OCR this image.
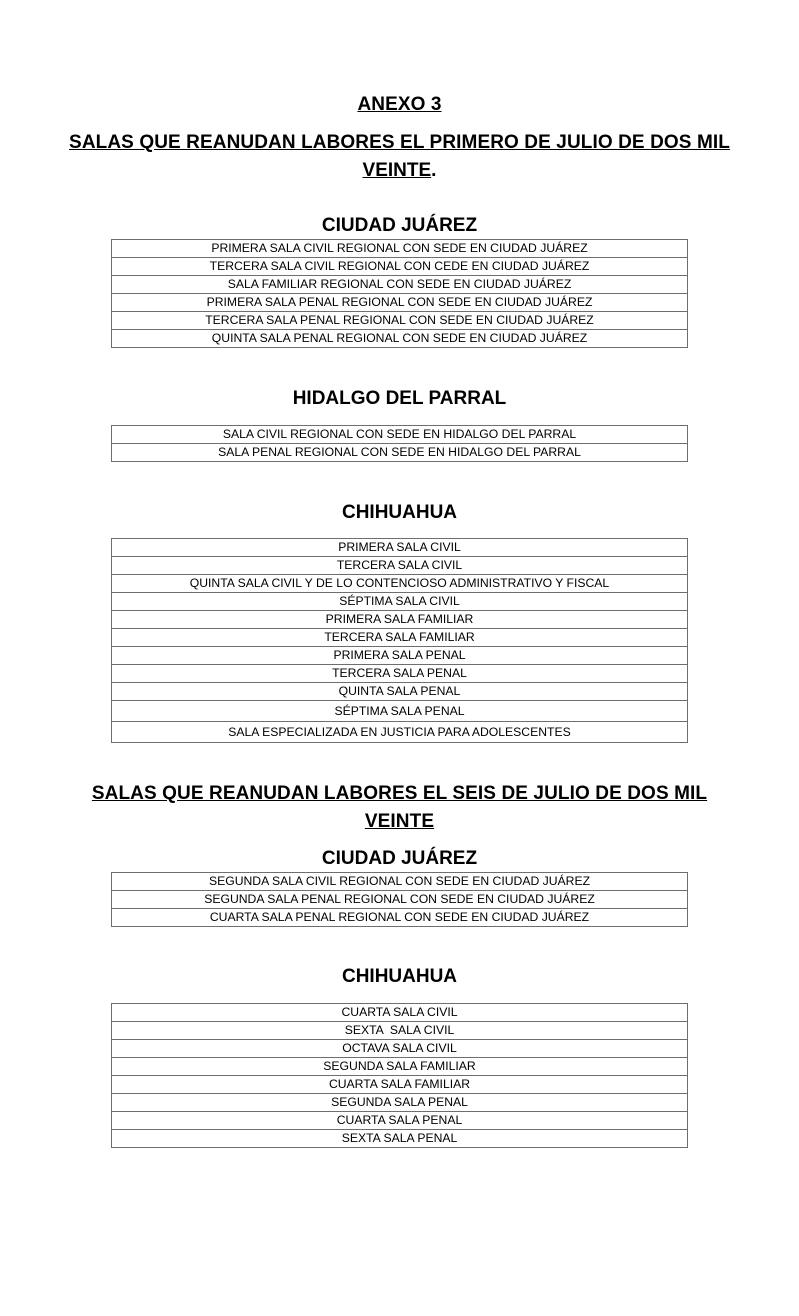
ANEXO 3
SALAS QUE REANUDAN LABORES EL PRIMERO DE JULIO DE DOS MIL
VEINTE.
CIUDAD JUÁREZ
PRIMERA SALA CIVIL REGIONAL CON SEDE EN CIUDAD JUÁREZ
TERCERA SALA CIVIL REGIONAL CON CEDE EN CIUDAD JUÁREZ
SALA FAMILIAR REGIONAL CON SEDE EN CIUDAD JUÁREZ
PRIMERA SALA PENAL REGIONAL CON SEDE EN CIUDAD JUÁREZ
TERCERA SALA PENAL REGIONAL CON SEDE EN CIUDAD JUÁREZ
QUINTA SALA PENAL REGIONAL CON SEDE EN CIUDAD JUÁREZ
HIDALGO DEL PARRAL
SALA CIVIL REGIONAL CON SEDE EN HIDALGO DEL PARRAL
SALA PENAL REGIONAL CON SEDE EN HIDALGO DEL PARRAL
CHIHUAHUA
PRIMERA SALA CIVIL
TERCERA SALA CIVIL
QUINTA SALA CIVIL Y DE LO CONTENCIOSO ADMINISTRATIVO Y FISCAL
SÉPTIMA SALA CIVIL
PRIMERA SALA FAMILIAR
TERCERA SALA FAMILIAR
PRIMERA SALA PENAL
TERCERA SALA PENAL
QUINTA SALA PENAL
SÉPTIMA SALA PENAL
SALA ESPECIALIZADA EN JUSTICIA PARA ADOLESCENTES
SALAS QUE REANUDAN LABORES EL SEIS DE JULIO DE DOS MIL
VEINTE
CIUDAD JUÁREZ
SEGUNDA SALA CIVIL REGIONAL CON SEDE EN CIUDAD JUÁREZ
SEGUNDA SALA PENAL REGIONAL CON SEDE EN CIUDAD JUÁREZ
CUARTA SALA PENAL REGIONAL CON SEDE EN CIUDAD JUÁREZ
CHIHUAHUA
CUARTA SALA CIVIL
SEXTA  SALA CIVIL
OCTAVA SALA CIVIL
SEGUNDA SALA FAMILIAR
CUARTA SALA FAMILIAR
SEGUNDA SALA PENAL
CUARTA SALA PENAL
SEXTA SALA PENAL
